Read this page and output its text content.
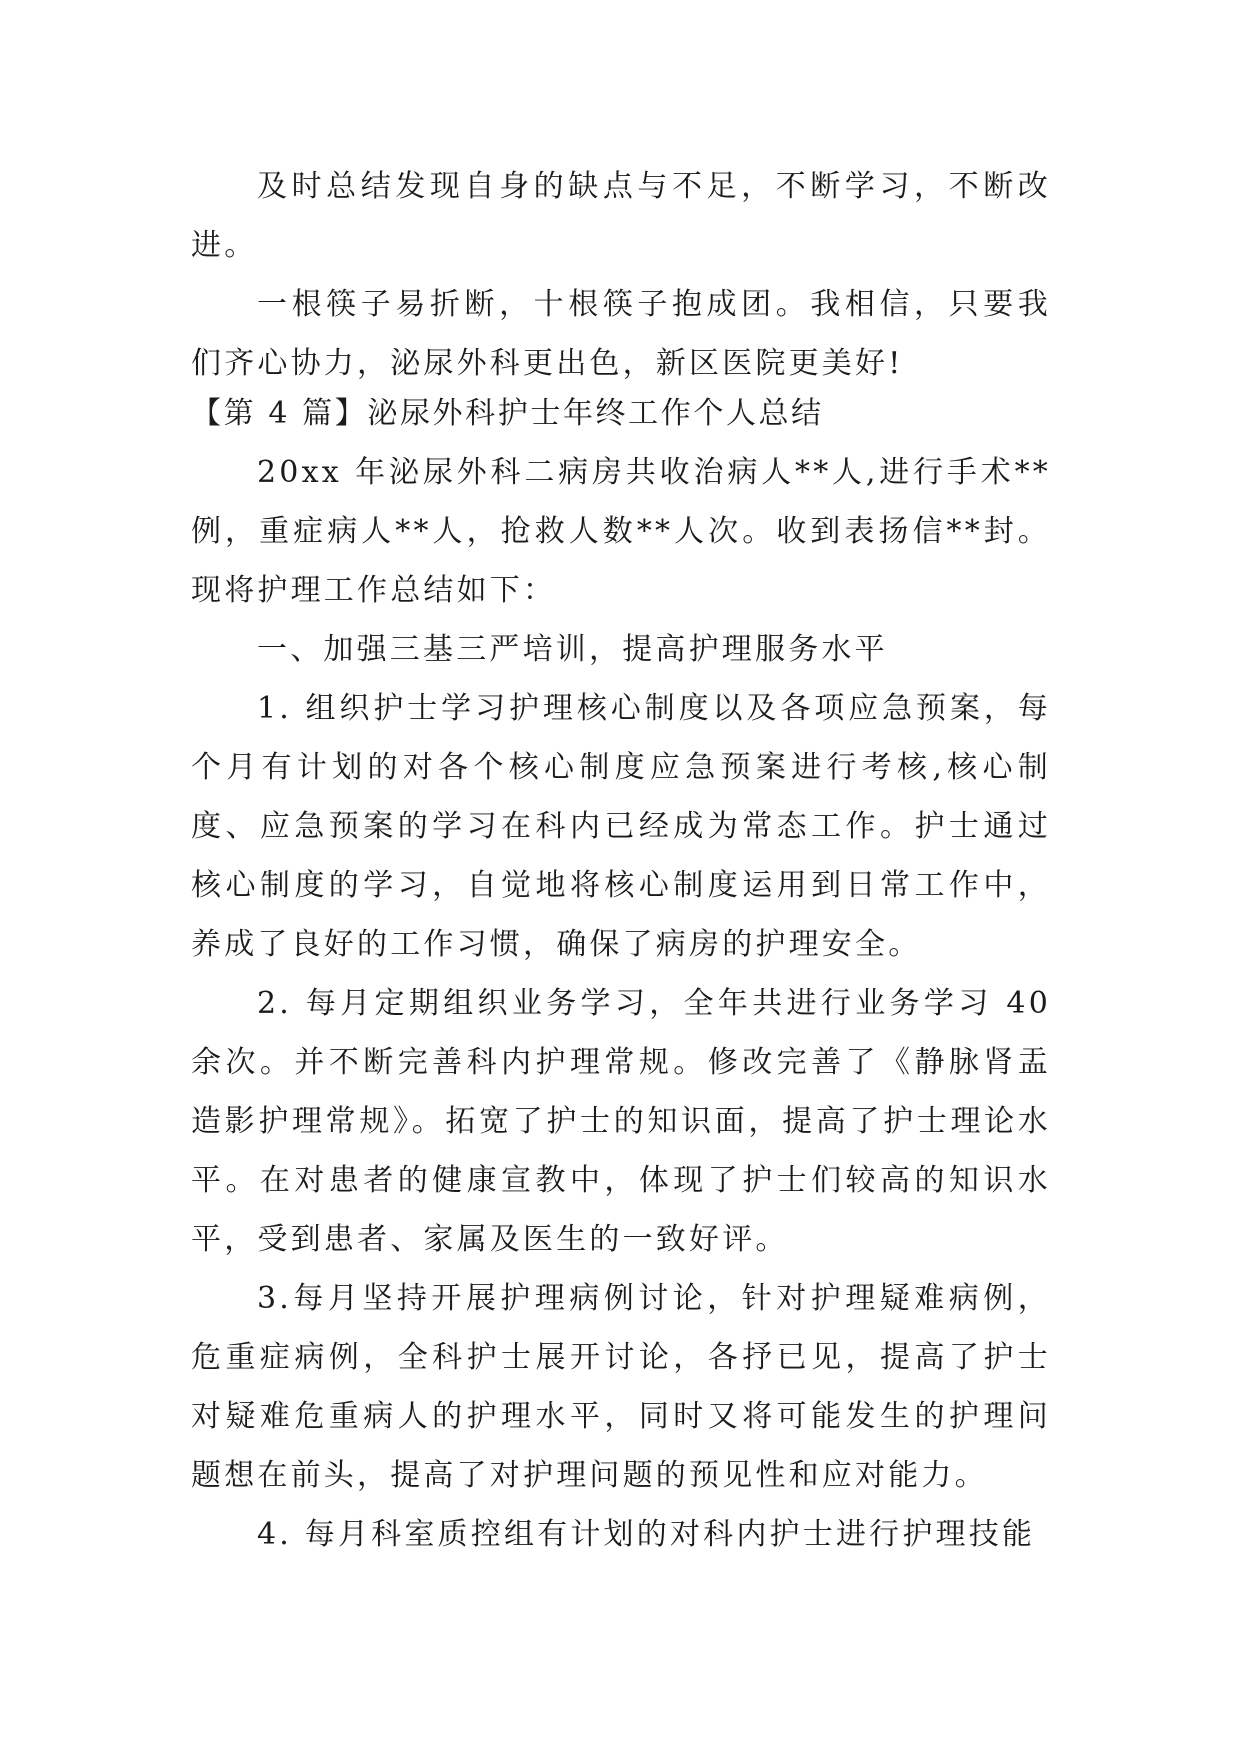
及时总结发现自身的缺点与不足，不断学习，不断改进。

一根筷子易折断，十根筷子抱成团。我相信，只要我们齐心协力，泌尿外科更出色，新区医院更美好!

【第 4 篇】泌尿外科护士年终工作个人总结

20xx 年泌尿外科二病房共收治病人**人,进行手术**例，重症病人**人，抢救人数**人次。收到表扬信**封。现将护理工作总结如下：

一、加强三基三严培训，提高护理服务水平

1. 组织护士学习护理核心制度以及各项应急预案，每个月有计划的对各个核心制度应急预案进行考核,核心制度、应急预案的学习在科内已经成为常态工作。护士通过核心制度的学习，自觉地将核心制度运用到日常工作中，养成了良好的工作习惯，确保了病房的护理安全。

2. 每月定期组织业务学习，全年共进行业务学习 40 余次。并不断完善科内护理常规。修改完善了《静脉肾盂造影护理常规》。拓宽了护士的知识面，提高了护士理论水平。在对患者的健康宣教中，体现了护士们较高的知识水平，受到患者、家属及医生的一致好评。

3.每月坚持开展护理病例讨论，针对护理疑难病例，危重症病例，全科护士展开讨论，各抒已见，提高了护士对疑难危重病人的护理水平，同时又将可能发生的护理问题想在前头，提高了对护理问题的预见性和应对能力。

4. 每月科室质控组有计划的对科内护士进行护理技能
